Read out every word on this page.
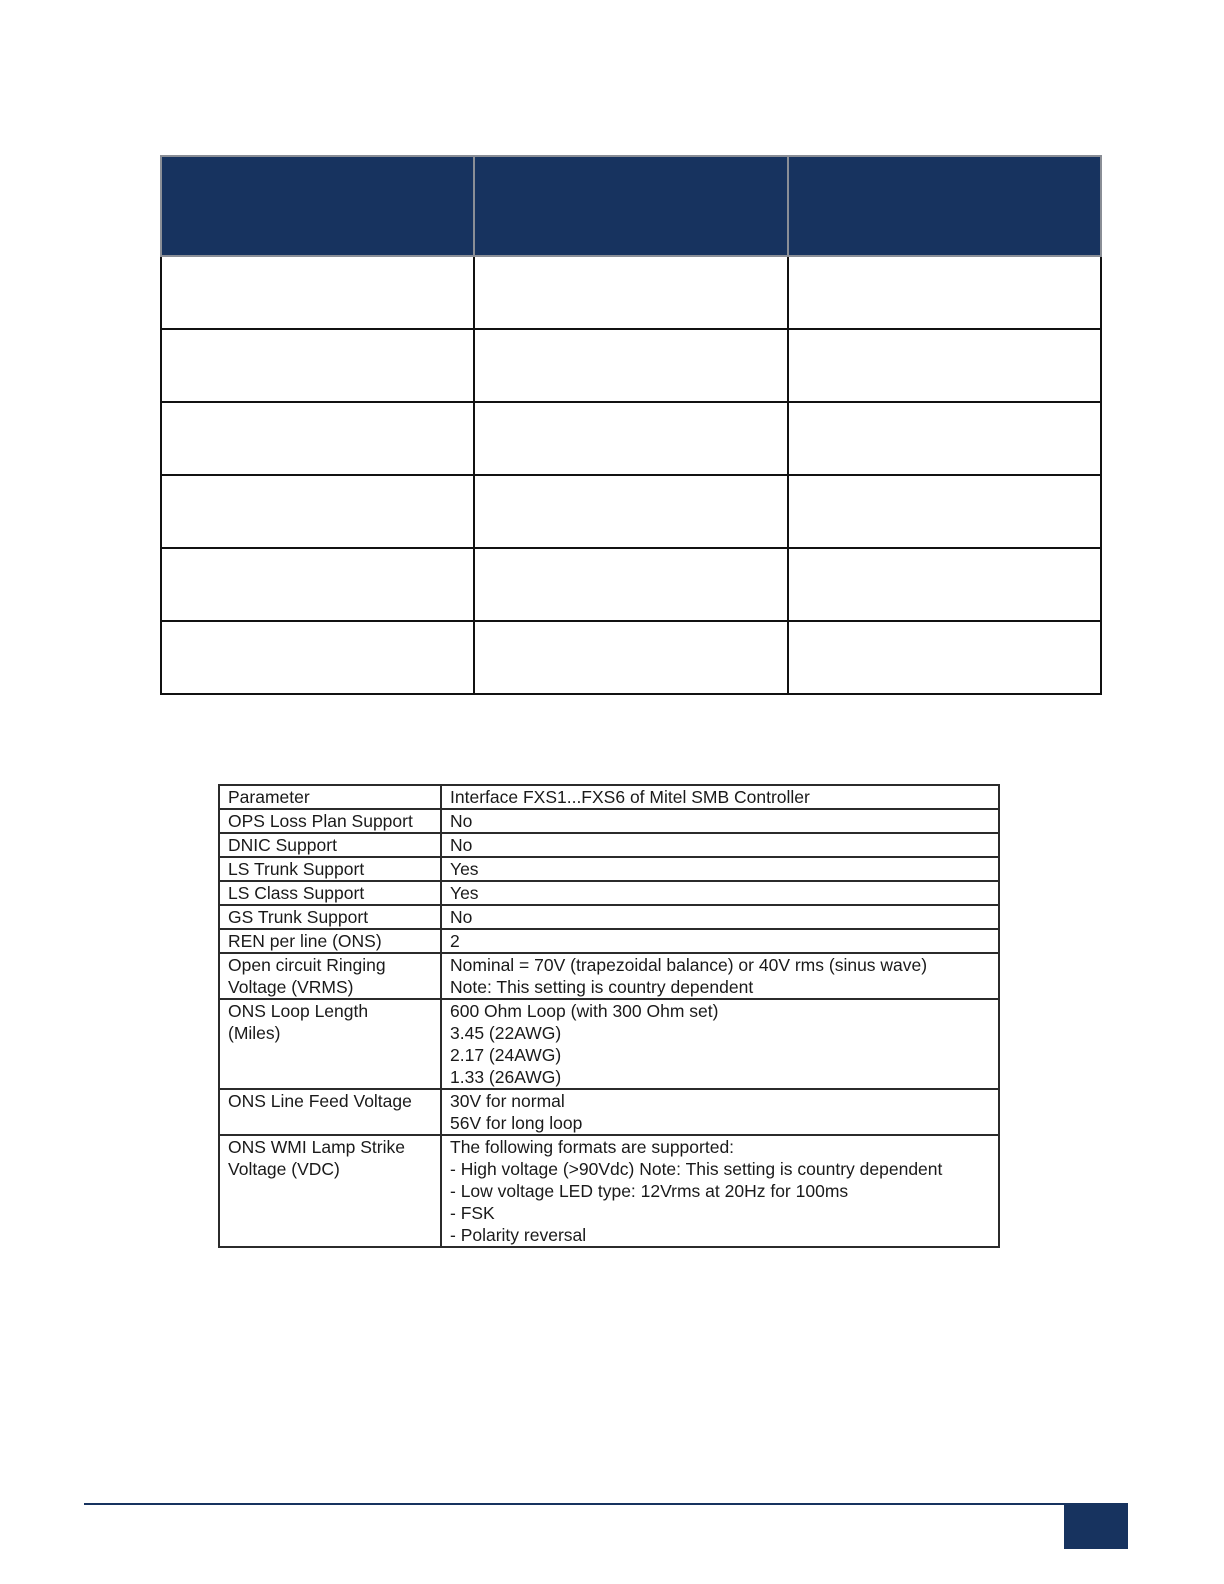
Parameter	Interface FXS1...FXS6 of Mitel SMB Controller

OPS Loss Plan Support	No

DNIC Support	No

LS Trunk Support	Yes

LS Class Support	Yes

GS Trunk Support	No

REN per line (ONS)	2

Open circuit Ringing
Voltage (VRMS)	Nominal = 70V (trapezoidal balance) or 40V rms (sinus wave)
Note: This setting is country dependent

ONS Loop Length
(Miles)	600 Ohm Loop (with 300 Ohm set)
3.45 (22AWG)
2.17 (24AWG)
1.33 (26AWG)

ONS Line Feed Voltage	30V for normal
56V for long loop

ONS WMI Lamp Strike
Voltage (VDC)	The following formats are supported:
- High voltage (>90Vdc) Note: This setting is country dependent
- Low voltage LED type: 12Vrms at 20Hz for 100ms
- FSK
- Polarity reversal
